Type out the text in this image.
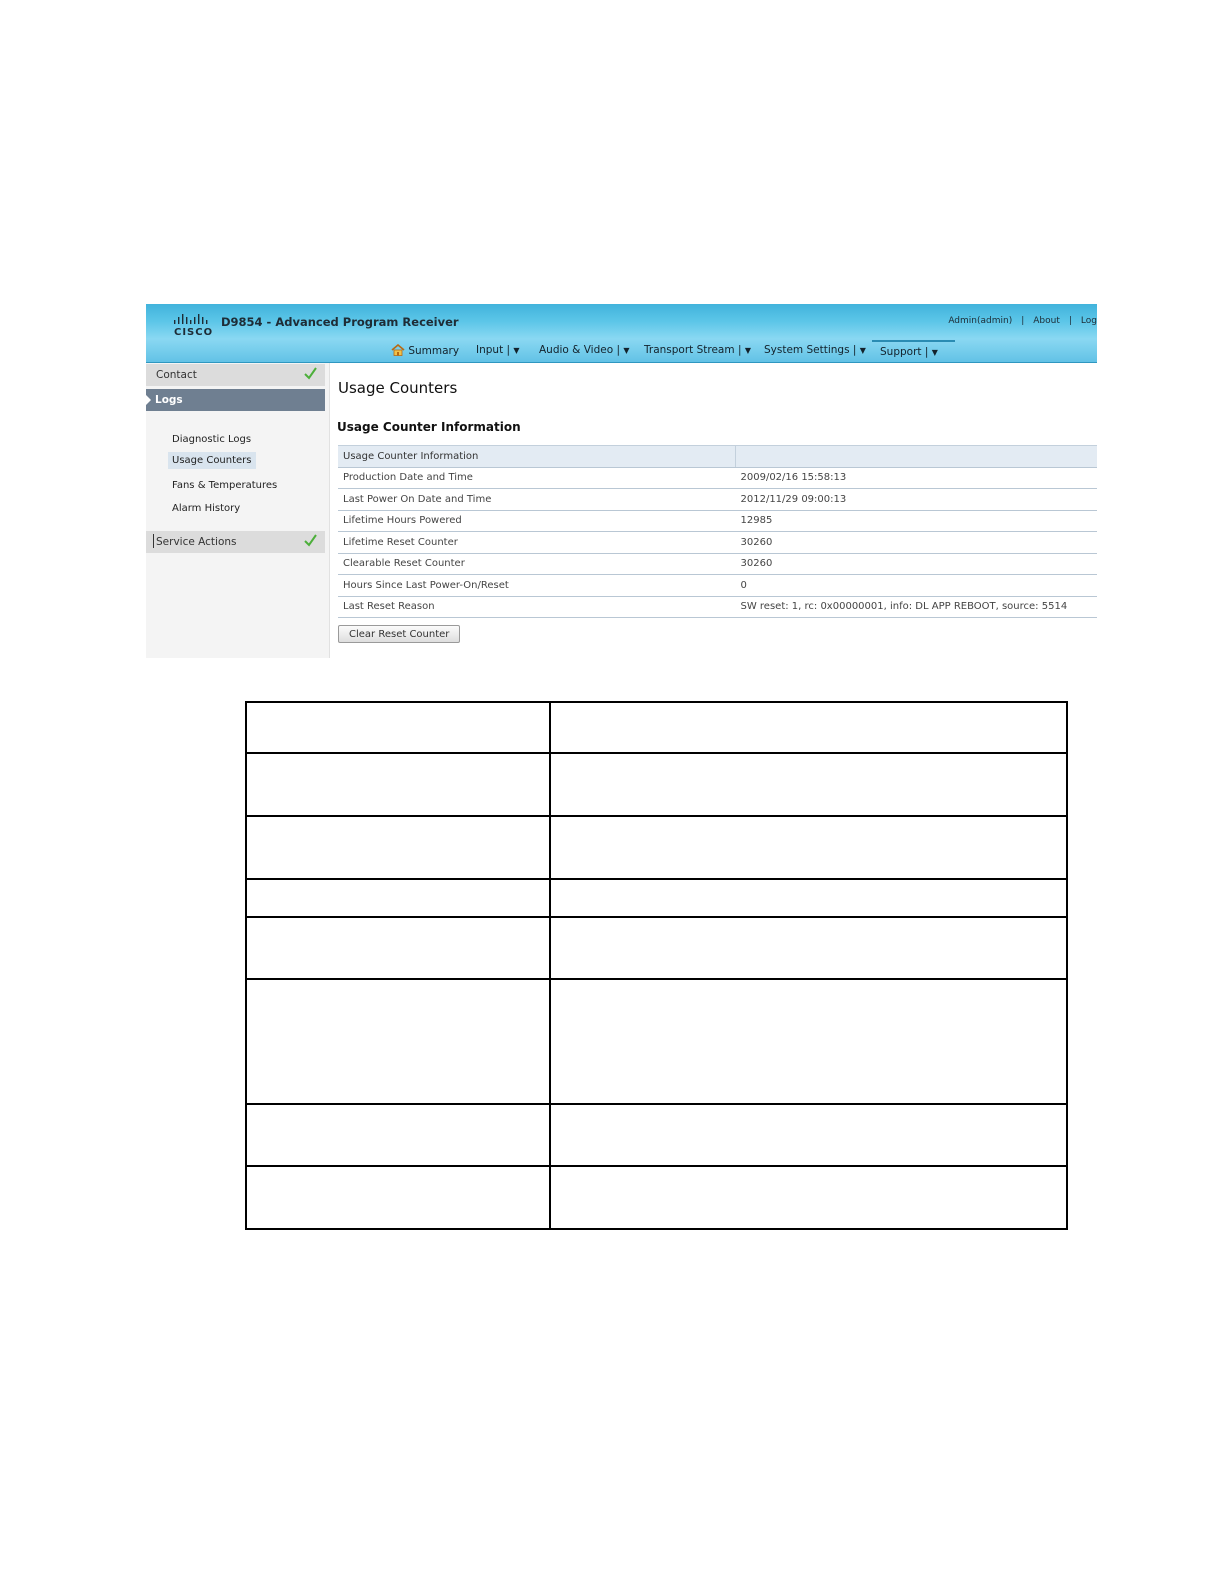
CISCO
D9854 - Advanced Program Receiver	Admin(admin) | About | Log
Summary Input | ▼ Audio & Video | ▼ Transport Stream | ▼ System Settings | ▼	Support | ▼
Contact
Logs
Diagnostic Logs
Usage Counters
Fans & Temperatures
Alarm History
Service Actions
Usage Counters
Usage Counter Information
Usage Counter Information	
Production Date and Time	2009/02/16 15:58:13
Last Power On Date and Time	2012/11/29 09:00:13
Lifetime Hours Powered	12985
Lifetime Reset Counter	30260
Clearable Reset Counter	30260
Hours Since Last Power-On/Reset	0
Last Reset Reason	SW reset: 1, rc: 0x00000001, info: DL APP REBOOT, source: 5514
Clear Reset Counter
